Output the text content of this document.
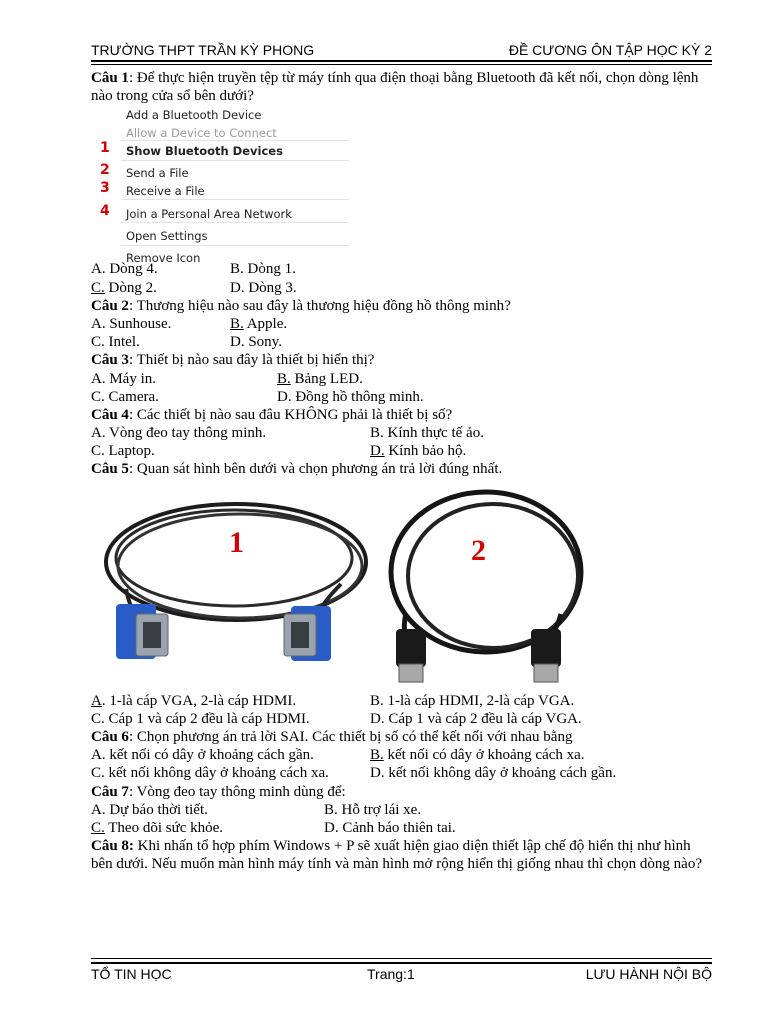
TRƯỜNG THPT TRẦN KỲ PHONG	ĐỀ CƯƠNG ÔN TẬP HỌC KỲ 2
Câu 1: Để thực hiện truyền tệp từ máy tính qua điện thoại bằng Bluetooth đã kết nối, chọn dòng lệnh nào trong cửa sổ bên dưới?
Add a Bluetooth Device
Allow a Device to Connect
1 Show Bluetooth Devices
2 Send a File
3 Receive a File
4 Join a Personal Area Network
Open Settings
Remove Icon
A. Dòng 4.	B. Dòng 1.
C. Dòng 2.	D. Dòng 3.
Câu 2: Thương hiệu nào sau đây là thương hiệu đồng hồ thông minh?
A. Sunhouse.	B. Apple.
C. Intel.	D. Sony.
Câu 3: Thiết bị nào sau đây là thiết bị hiển thị?
A. Máy in.	B. Bảng LED.
C. Camera.	D. Đồng hồ thông minh.
Câu 4: Các thiết bị nào sau đâu KHÔNG phải là thiết bị số?
A. Vòng đeo tay thông minh.	B. Kính thực tế ảo.
C. Laptop.	D. Kính bảo hộ.
Câu 5: Quan sát hình bên dưới và chọn phương án trả lời đúng nhất.
1	2
A. 1-là cáp VGA, 2-là cáp HDMI.	B. 1-là cáp HDMI, 2-là cáp VGA.
C. Cáp 1 và cáp 2 đều là cáp HDMI.	D. Cáp 1 và cáp 2 đều là cáp VGA.
Câu 6: Chọn phương án trả lời SAI. Các thiết bị số có thể kết nối với nhau bằng
A. kết nối có dây ở khoảng cách gần.	B. kết nối có dây ở khoảng cách xa.
C. kết nối không dây ở khoảng cách xa.	D. kết nối không dây ở khoảng cách gần.
Câu 7: Vòng đeo tay thông minh dùng để:
A. Dự báo thời tiết.	B. Hỗ trợ lái xe.
C. Theo dõi sức khỏe.	D. Cảnh báo thiên tai.
Câu 8: Khi nhấn tổ hợp phím Windows + P sẽ xuất hiện giao diện thiết lập chế độ hiển thị như hình bên dưới. Nếu muốn màn hình máy tính và màn hình mở rộng hiển thị giống nhau thì chọn dòng nào?
TỔ TIN HỌC	Trang:1	LƯU HÀNH NỘI BỘ
